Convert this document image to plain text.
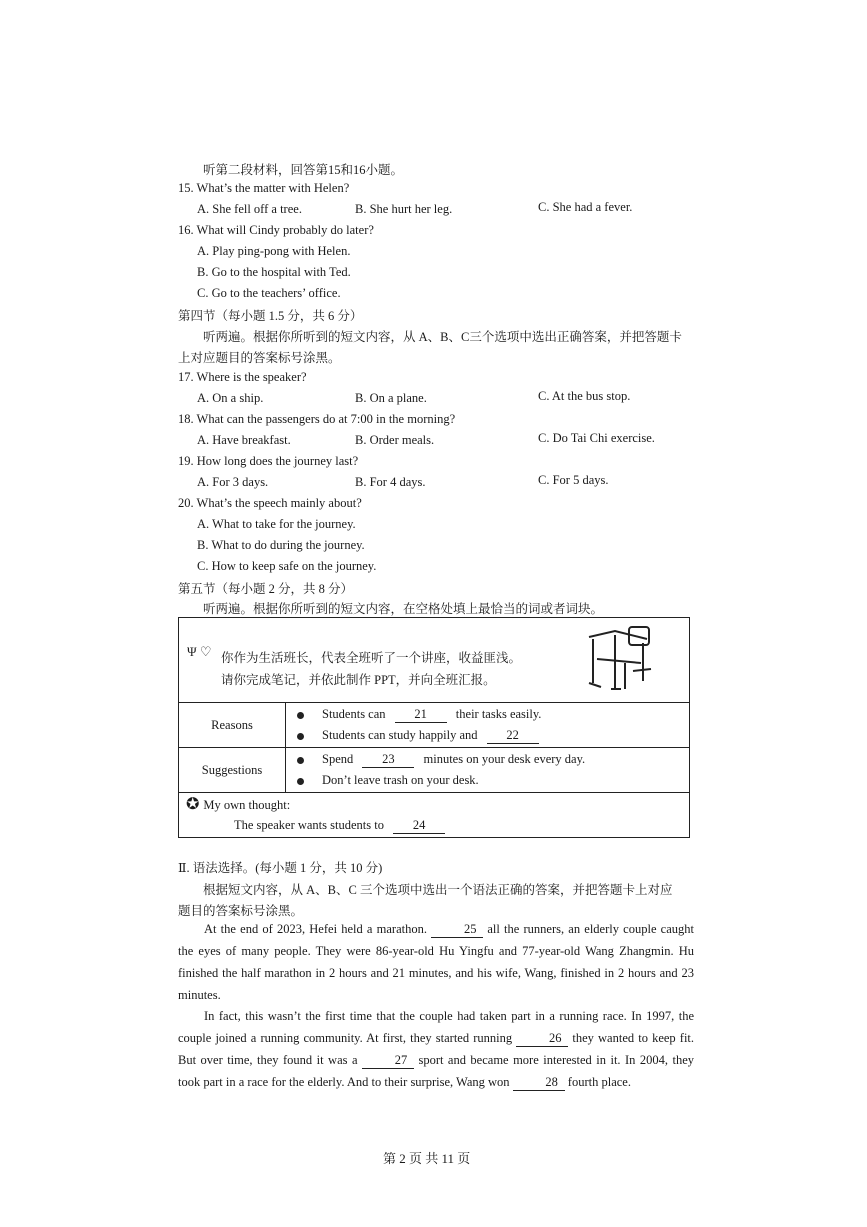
听第二段材料，回答第15和16小题。
15. What’s the matter with Helen?
A. She fell off a tree.	B. She hurt her leg.	C. She had a fever.
16. What will Cindy probably do later?
A. Play ping-pong with Helen.
B. Go to the hospital with Ted.
C. Go to the teachers’ office.
第四节（每小题 1.5 分，共 6 分）
听两遍。根据你所听到的短文内容，从 A、B、C三个选项中选出正确答案，并把答题卡
上对应题目的答案标号涂黑。
17. Where is the speaker?
A. On a ship.	B. On a plane.	C. At the bus stop.
18. What can the passengers do at 7:00 in the morning?
A. Have breakfast.	B. Order meals.	C. Do Tai Chi exercise.
19. How long does the journey last?
A. For 3 days.	B. For 4 days.	C. For 5 days.
20. What’s the speech mainly about?
A. What to take for the journey.
B. What to do during the journey.
C. How to keep safe on the journey.
第五节（每小题 2 分，共 8 分）
听两遍。根据你所听到的短文内容，在空格处填上最恰当的词或者词块。
Ψ ♡ 你作为生活班长，代表全班听了一个讲座，收益匪浅。
请你完成笔记，并依此制作 PPT，并向全班汇报。	

Reasons	Students can 21 their tasks easily.
Students can study happily and 22

Suggestions	Spend 23 minutes on your desk every day.
Don’t leave trash on your desk.

✪ My own thought:
The speaker wants students to 24	
Ⅱ. 语法选择。(每小题 1 分，共 10 分)
根据短文内容，从 A、B、C 三个选项中选出一个语法正确的答案，并把答题卡上对应
题目的答案标号涂黑。
At the end of 2023, Hefei held a marathon.	25 all the runners, an elderly couple caught the eyes of many people. They were 86-year-old Hu Yingfu and 77-year-old Wang Zhangmin. Hu finished the half marathon in 2 hours and 21 minutes, and his wife, Wang, finished in 2 hours and 23 minutes.
In fact, this wasn’t the first time that the couple had taken part in a running race. In 1997, the couple joined a running community. At first, they started running	26 they wanted to keep fit. But over time, they found it was a	27 sport and became more interested in it. In 2004, they took part in a race for the elderly. And to their surprise, Wang won	28 fourth place.
第 2 页 共 11 页
